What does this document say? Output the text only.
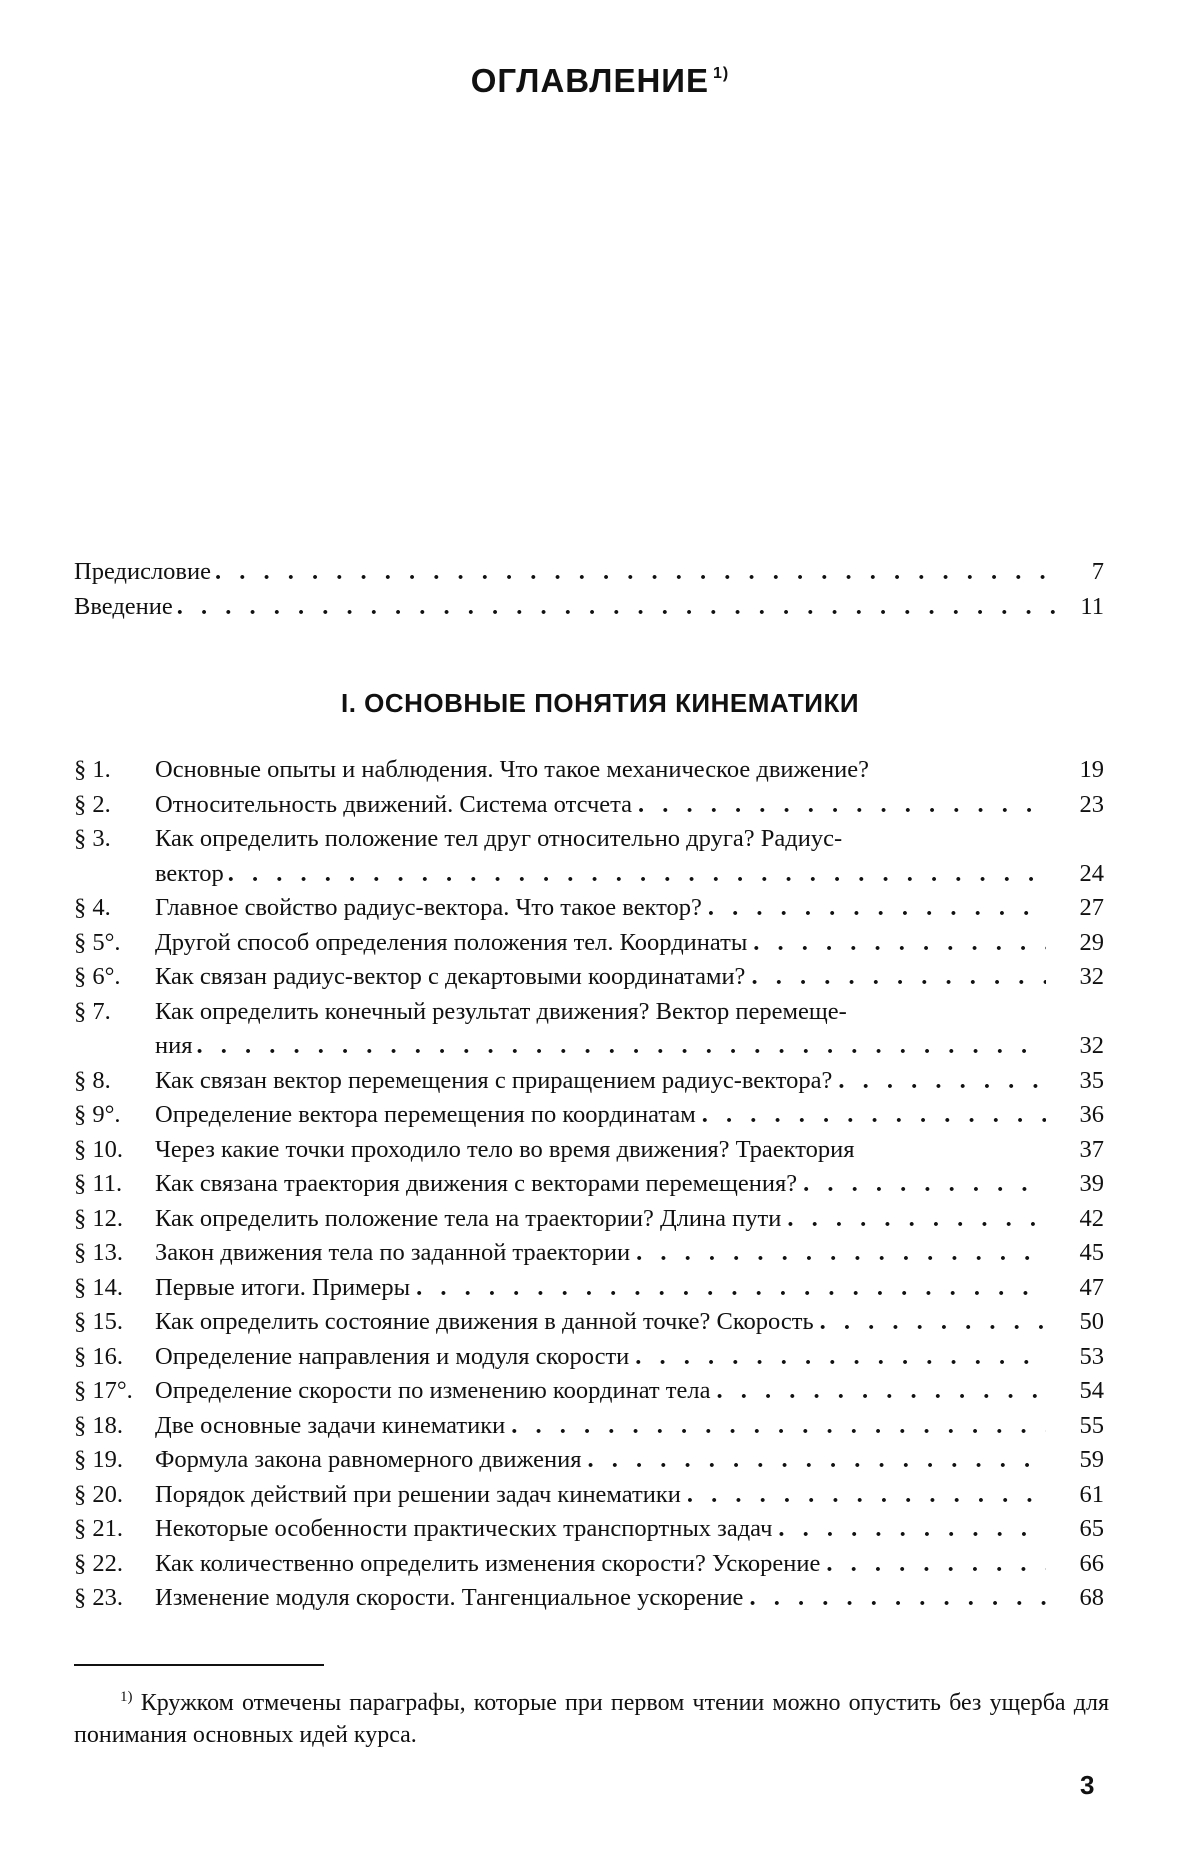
ОГЛАВЛЕНИЕ $^{1)}$
Предисловие . . .	7
Введение . . .	11
I. ОСНОВНЫЕ ПОНЯТИЯ КИНЕМАТИКИ
§ 1.	Основные опыты и наблюдения. Что такое механическое движение?	19
§ 2.	Относительность движений. Система отсчета . . .	23
§ 3.	Как определить положение тел друг относительно друга? Радиус-
вектор . . .	24
§ 4.	Главное свойство радиус-вектора. Что такое вектор? . . .	27
§ 5°.	Другой способ определения положения тел. Координаты . . .	29
§ 6°.	Как связан радиус-вектор с декартовыми координатами? . . .	32
§ 7.	Как определить конечный результат движения? Вектор перемеще-
ния . . .	32
§ 8.	Как связан вектор перемещения с приращением радиус-вектора? . . .	35
§ 9°.	Определение вектора перемещения по координатам . . .	36
§ 10.	Через какие точки проходило тело во время движения? Траектория	37
§ 11.	Как связана траектория движения с векторами перемещения? . . .	39
§ 12.	Как определить положение тела на траектории? Длина пути . . .	42
§ 13.	Закон движения тела по заданной траектории . . .	45
§ 14.	Первые итоги. Примеры . . .	47
§ 15.	Как определить состояние движения в данной точке? Скорость . . .	50
§ 16.	Определение направления и модуля скорости . . .	53
§ 17°. Определение скорости по изменению координат тела . . .	54
§ 18.	Две основные задачи кинематики . . .	55
§ 19.	Формула закона равномерного движения . . .	59
§ 20.	Порядок действий при решении задач кинематики . . .	61
§ 21.	Некоторые особенности практических транспортных задач . . .	65
§ 22.	Как количественно определить изменения скорости? Ускорение . . .	66
§ 23.	Изменение модуля скорости. Тангенциальное ускорение . . .	68
$^{1)}$ Кружком отмечены параграфы, которые при первом чтении можно опустить без ущерба для понимания основных идей курса.
3
